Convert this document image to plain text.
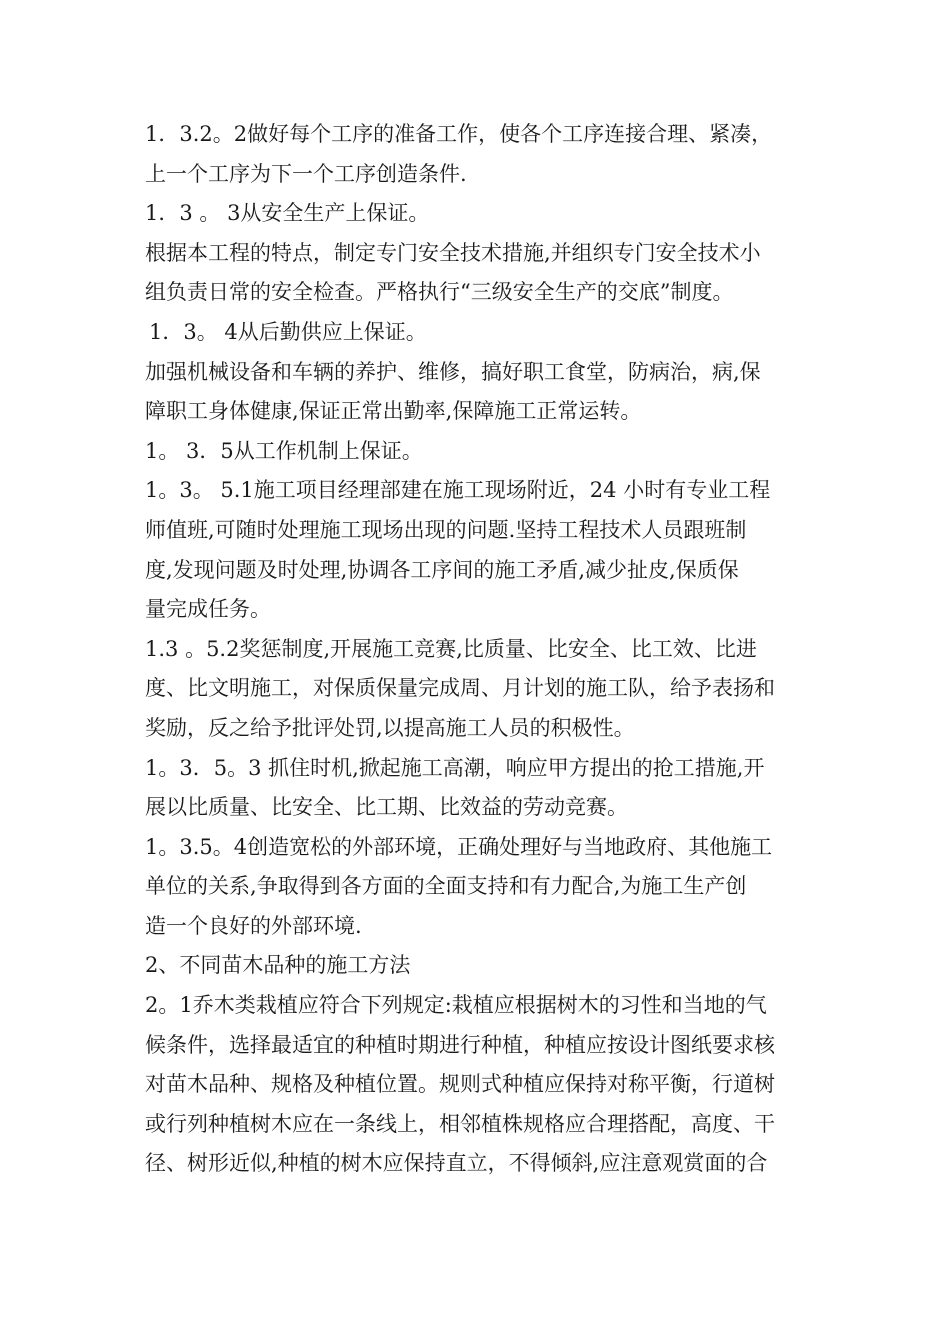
1．3.2。2做好每个工序的准备工作，使各个工序连接合理、紧凑，
上一个工序为下一个工序创造条件.
1．3 。 3从安全生产上保证。
根据本工程的特点，制定专门安全技术措施,并组织专门安全技术小
组负责日常的安全检查。严格执行“三级安全生产的交底”制度。
1．3。 4从后勤供应上保证。
加强机械设备和车辆的养护、维修，搞好职工食堂，防病治，病,保
障职工身体健康,保证正常出勤率,保障施工正常运转。
1。 3．5从工作机制上保证。
1。3。 5.1施工项目经理部建在施工现场附近，24 小时有专业工程
师值班,可随时处理施工现场出现的问题.坚持工程技术人员跟班制
度,发现问题及时处理,协调各工序间的施工矛盾,减少扯皮,保质保
量完成任务。
1.3 。5.2奖惩制度,开展施工竞赛,比质量、比安全、比工效、比进
度、比文明施工，对保质保量完成周、月计划的施工队，给予表扬和
奖励，反之给予批评处罚,以提高施工人员的积极性。
1。3．5。3 抓住时机,掀起施工高潮，响应甲方提出的抢工措施,开
展以比质量、比安全、比工期、比效益的劳动竞赛。
1。3.5。4创造宽松的外部环境，正确处理好与当地政府、其他施工
单位的关系,争取得到各方面的全面支持和有力配合,为施工生产创
造一个良好的外部环境.
2、不同苗木品种的施工方法
2。1乔木类栽植应符合下列规定:栽植应根据树木的习性和当地的气
候条件，选择最适宜的种植时期进行种植，种植应按设计图纸要求核
对苗木品种、规格及种植位置。规则式种植应保持对称平衡，行道树
或行列种植树木应在一条线上，相邻植株规格应合理搭配，高度、干
径、树形近似,种植的树木应保持直立，不得倾斜,应注意观赏面的合
